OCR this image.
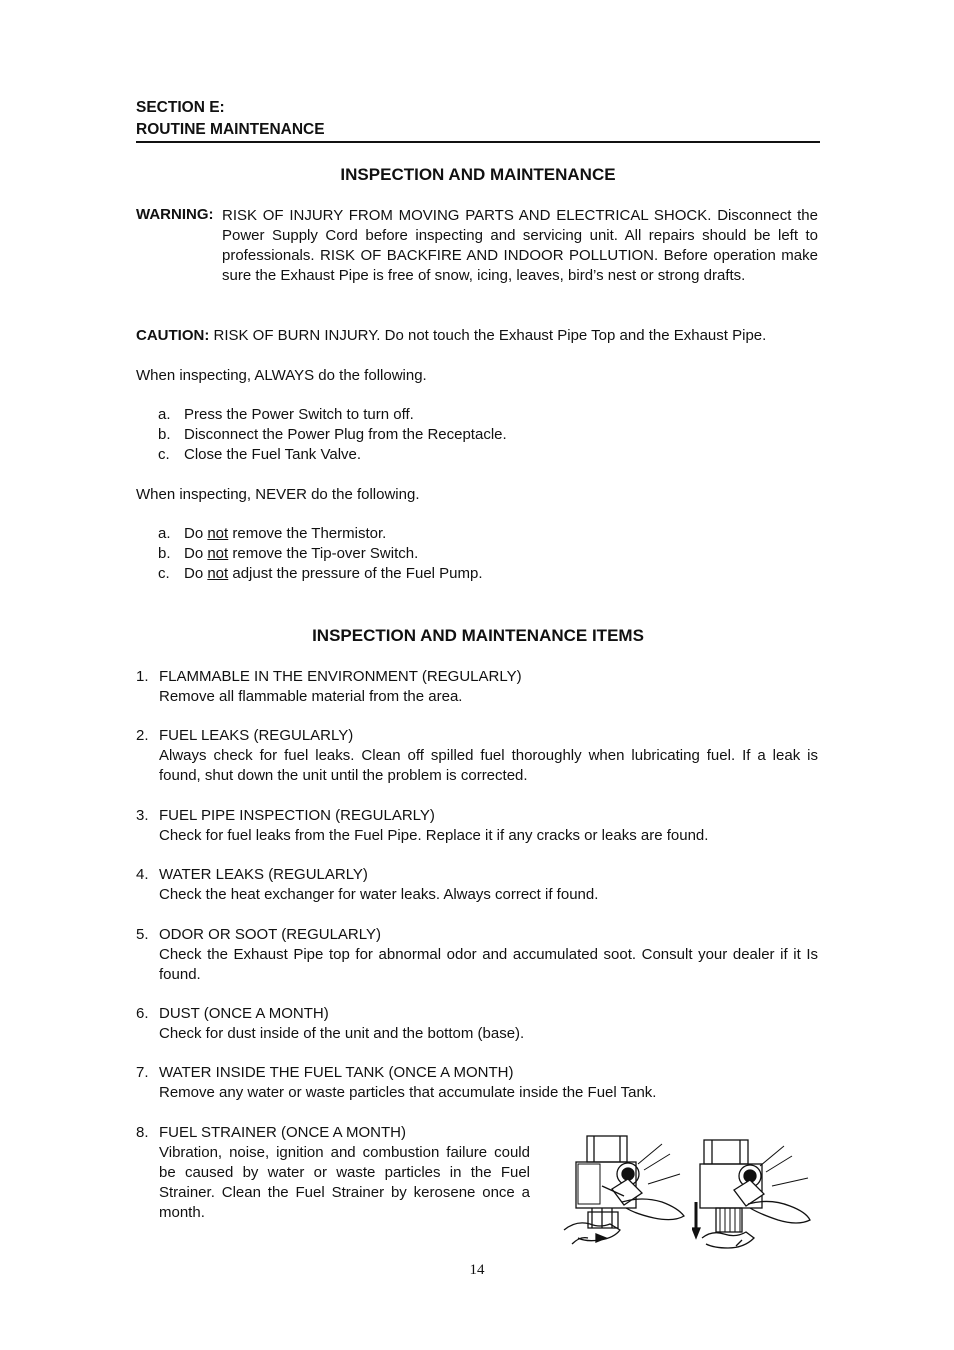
SECTION E:
ROUTINE MAINTENANCE
INSPECTION AND MAINTENANCE
WARNING: RISK OF INJURY FROM MOVING PARTS AND ELECTRICAL SHOCK. Disconnect the Power Supply Cord before inspecting and servicing unit. All repairs should be left to professionals. RISK OF BACKFIRE AND INDOOR POLLUTION. Before operation make sure the Exhaust Pipe is free of snow, icing, leaves, bird’s nest or strong drafts.
CAUTION: RISK OF BURN INJURY. Do not touch the Exhaust Pipe Top and the Exhaust Pipe.
When inspecting, ALWAYS do the following.
a. Press the Power Switch to turn off.
b. Disconnect the Power Plug from the Receptacle.
c. Close the Fuel Tank Valve.
When inspecting, NEVER do the following.
a. Do not remove the Thermistor.
b. Do not remove the Tip-over Switch.
c. Do not adjust the pressure of the Fuel Pump.
INSPECTION AND MAINTENANCE ITEMS
1. FLAMMABLE IN THE ENVIRONMENT (REGULARLY)
Remove all flammable material from the area.
2. FUEL LEAKS (REGULARLY)
Always check for fuel leaks. Clean off spilled fuel thoroughly when lubricating fuel. If a leak is found, shut down the unit until the problem is corrected.
3. FUEL PIPE INSPECTION (REGULARLY)
Check for fuel leaks from the Fuel Pipe. Replace it if any cracks or leaks are found.
4. WATER LEAKS (REGULARLY)
Check the heat exchanger for water leaks. Always correct if found.
5. ODOR OR SOOT (REGULARLY)
Check the Exhaust Pipe top for abnormal odor and accumulated soot. Consult your dealer if it Is found.
6. DUST (ONCE A MONTH)
Check for dust inside of the unit and the bottom (base).
7. WATER INSIDE THE FUEL TANK (ONCE A MONTH)
Remove any water or waste particles that accumulate inside the Fuel Tank.
8. FUEL STRAINER (ONCE A MONTH)
Vibration, noise, ignition and combustion failure could be caused by water or waste particles in the Fuel Strainer. Clean the Fuel Strainer by kerosene once a month.
14
